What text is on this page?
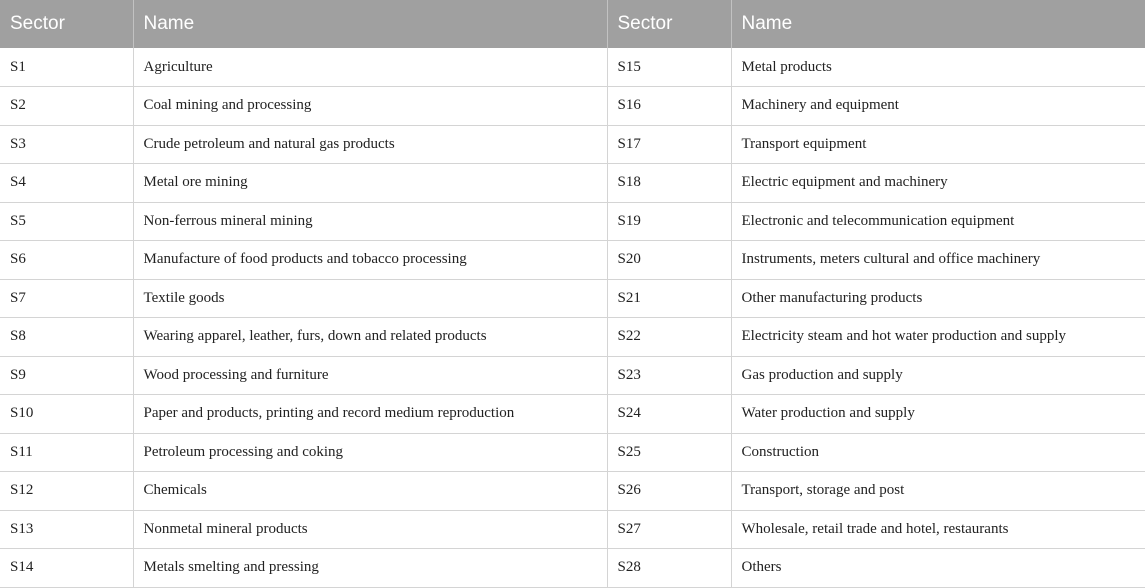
Sector	Name	Sector	Name
S1	Agriculture	S15	Metal products
S2	Coal mining and processing	S16	Machinery and equipment
S3	Crude petroleum and natural gas products	S17	Transport equipment
S4	Metal ore mining	S18	Electric equipment and machinery
S5	Non-ferrous mineral mining	S19	Electronic and telecommunication equipment
S6	Manufacture of food products and tobacco processing	S20	Instruments, meters cultural and office machinery
S7	Textile goods	S21	Other manufacturing products
S8	Wearing apparel, leather, furs, down and related products	S22	Electricity steam and hot water production and supply
S9	Wood processing and furniture	S23	Gas production and supply
S10	Paper and products, printing and record medium reproduction	S24	Water production and supply
S11	Petroleum processing and coking	S25	Construction
S12	Chemicals	S26	Transport, storage and post
S13	Nonmetal mineral products	S27	Wholesale, retail trade and hotel, restaurants
S14	Metals smelting and pressing	S28	Others
